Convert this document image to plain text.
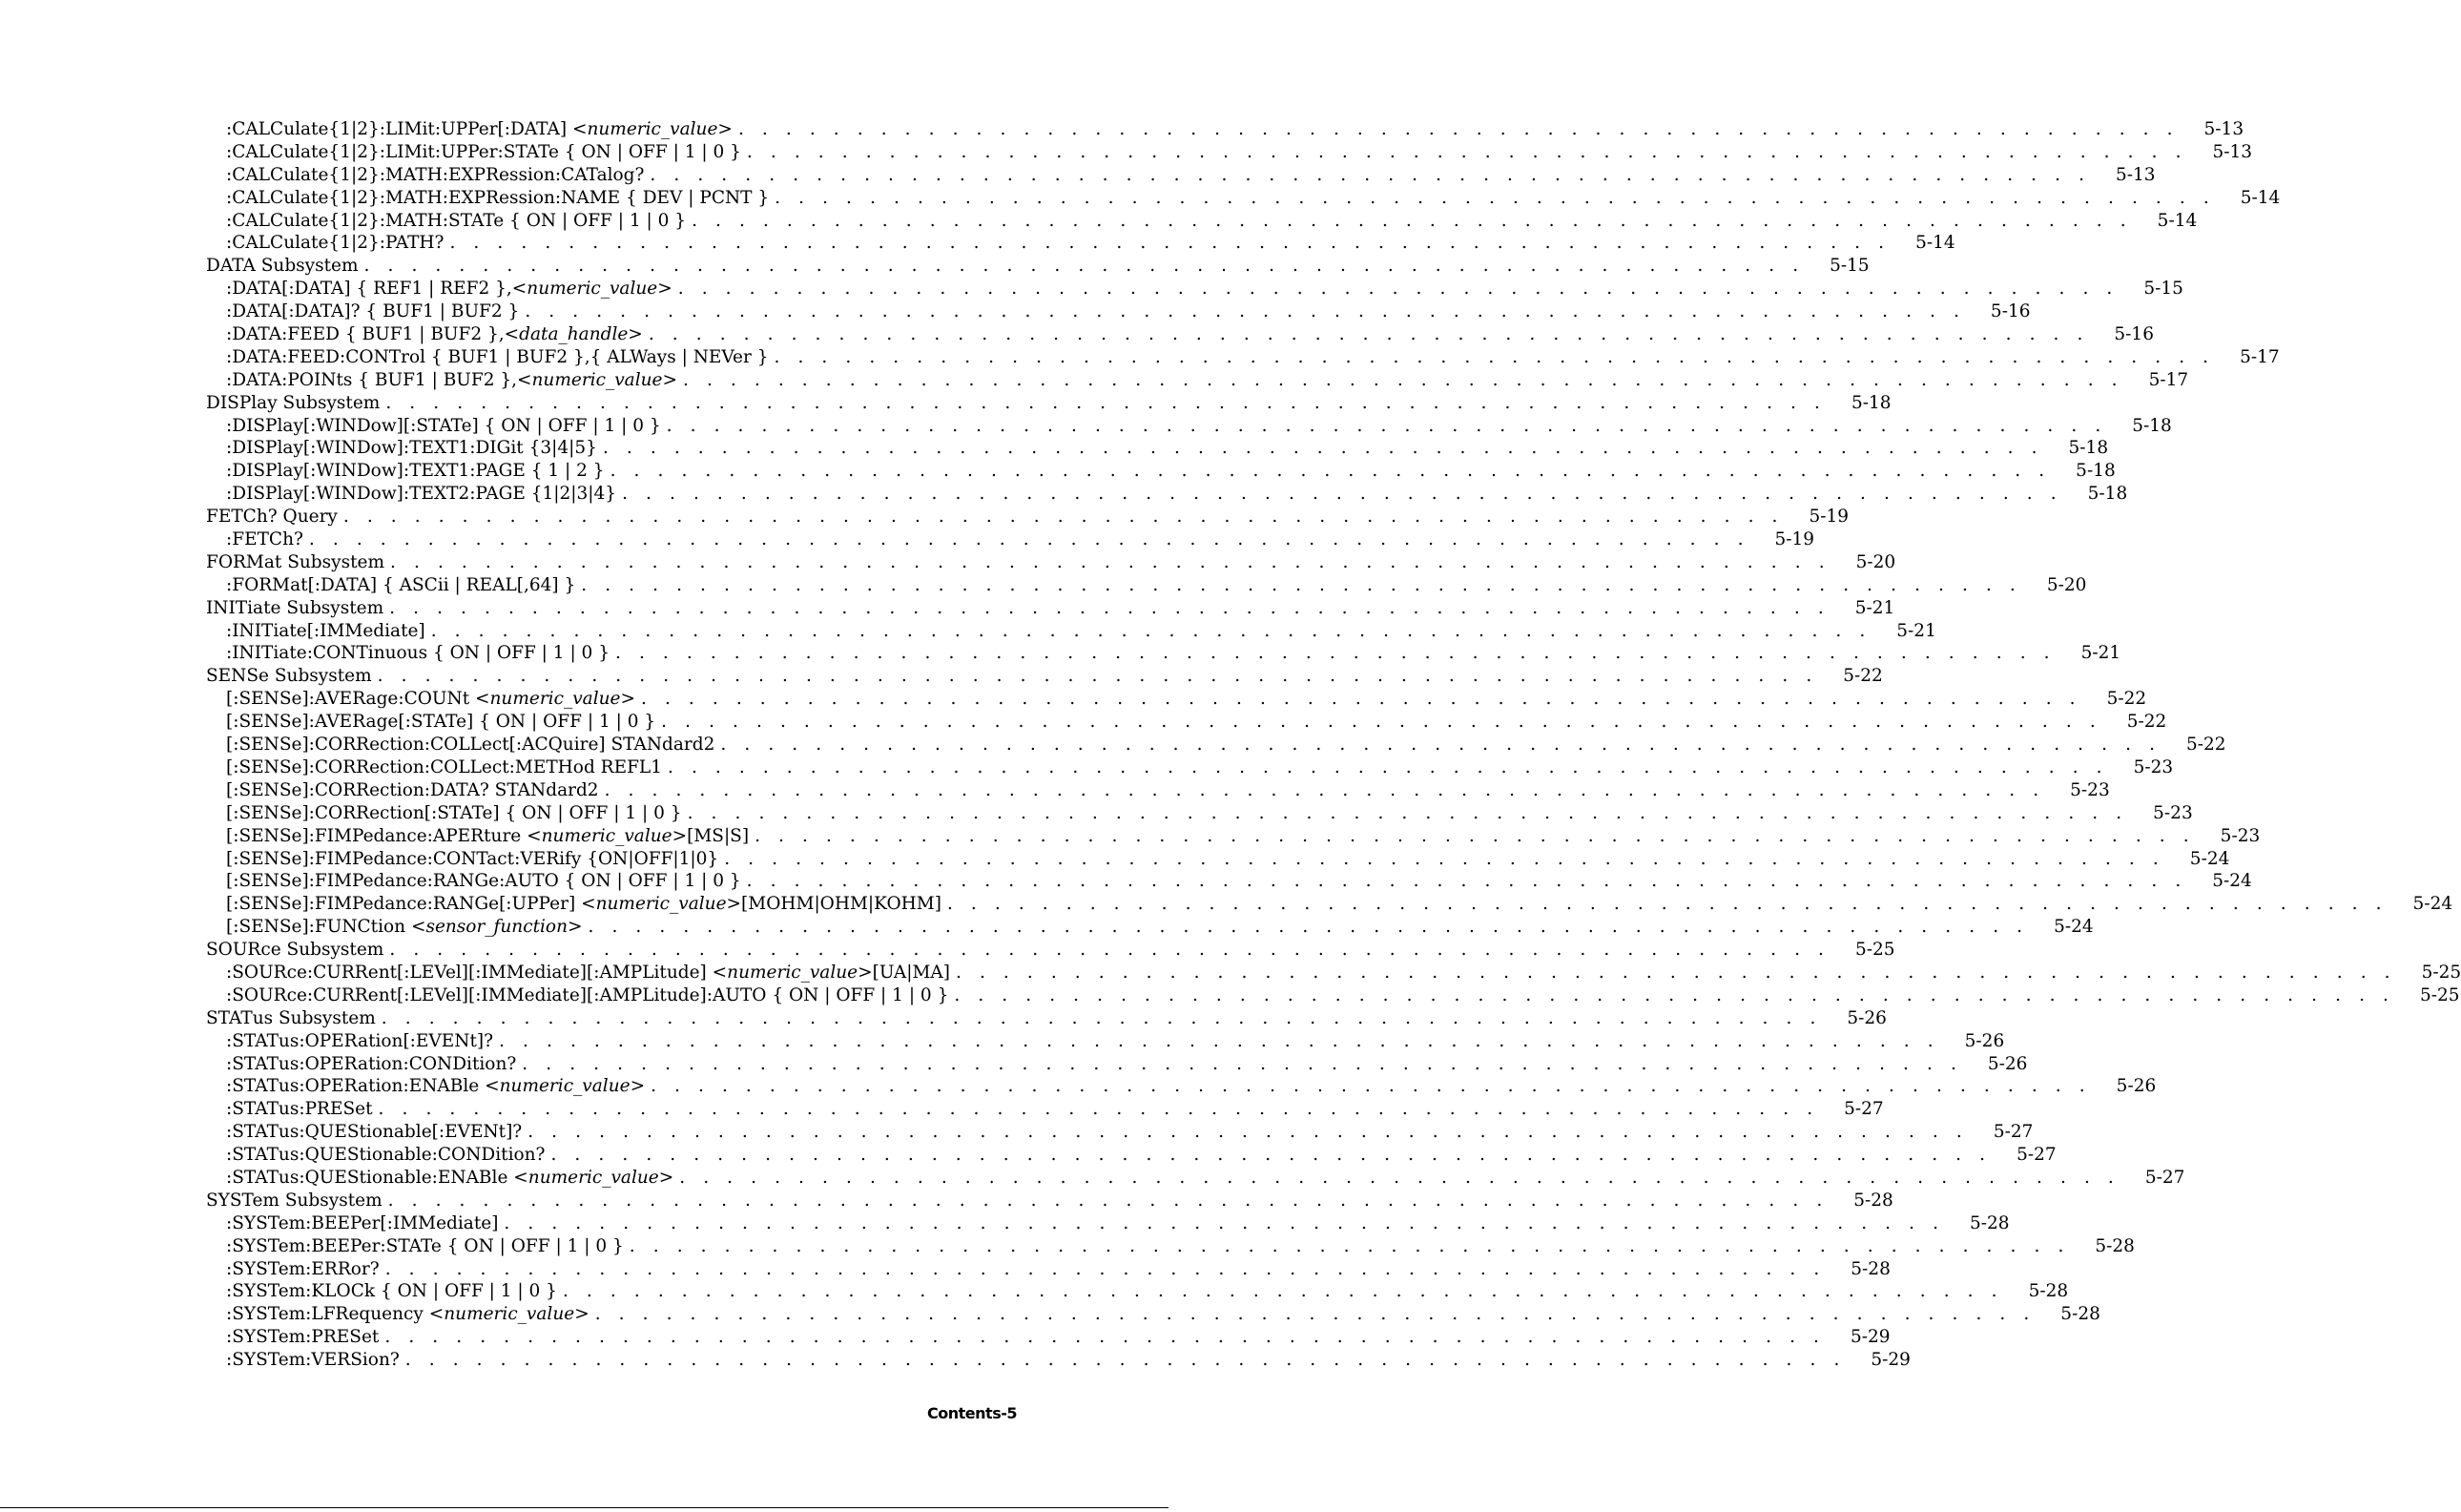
:CALCulate{1|2}:LIMit:UPPer[:DATA] <numeric_value> . . . . . . . . . . . . . . . . . . . . . . . . . . . . . . . . . . . . . . . . . . . . . . . . . . . . . . . . . . . . .	5-13
:CALCulate{1|2}:LIMit:UPPer:STATe { ON | OFF | 1 | 0 } . . . . . . . . . . . . . . . . . . . . . . . . . . . . . . . . . . . . . . . . . . . . . . . . . . . . . . . . . . . . .	5-13
:CALCulate{1|2}:MATH:EXPRession:CATalog? . . . . . . . . . . . . . . . . . . . . . . . . . . . . . . . . . . . . . . . . . . . . . . . . . . . . . . . . . . . . .	5-13
:CALCulate{1|2}:MATH:EXPRession:NAME { DEV | PCNT } . . . . . . . . . . . . . . . . . . . . . . . . . . . . . . . . . . . . . . . . . . . . . . . . . . . . . . . . . . . . .	5-14
:CALCulate{1|2}:MATH:STATe { ON | OFF | 1 | 0 } . . . . . . . . . . . . . . . . . . . . . . . . . . . . . . . . . . . . . . . . . . . . . . . . . . . . . . . . . . . . .	5-14
:CALCulate{1|2}:PATH? . . . . . . . . . . . . . . . . . . . . . . . . . . . . . . . . . . . . . . . . . . . . . . . . . . . . . . . . . . . . .	5-14
DATA Subsystem . . . . . . . . . . . . . . . . . . . . . . . . . . . . . . . . . . . . . . . . . . . . . . . . . . . . . . . . . . . . .	5-15
:DATA[:DATA] { REF1 | REF2 },<numeric_value> . . . . . . . . . . . . . . . . . . . . . . . . . . . . . . . . . . . . . . . . . . . . . . . . . . . . . . . . . . . . .	5-15
:DATA[:DATA]? { BUF1 | BUF2 } . . . . . . . . . . . . . . . . . . . . . . . . . . . . . . . . . . . . . . . . . . . . . . . . . . . . . . . . . . . . .	5-16
:DATA:FEED { BUF1 | BUF2 },<data_handle> . . . . . . . . . . . . . . . . . . . . . . . . . . . . . . . . . . . . . . . . . . . . . . . . . . . . . . . . . . . . .	5-16
:DATA:FEED:CONTrol { BUF1 | BUF2 },{ ALWays | NEVer } . . . . . . . . . . . . . . . . . . . . . . . . . . . . . . . . . . . . . . . . . . . . . . . . . . . . . . . . . . . . .	5-17
:DATA:POINts { BUF1 | BUF2 },<numeric_value> . . . . . . . . . . . . . . . . . . . . . . . . . . . . . . . . . . . . . . . . . . . . . . . . . . . . . . . . . . . . .	5-17
DISPlay Subsystem . . . . . . . . . . . . . . . . . . . . . . . . . . . . . . . . . . . . . . . . . . . . . . . . . . . . . . . . . . . . .	5-18
:DISPlay[:WINDow][:STATe] { ON | OFF | 1 | 0 } . . . . . . . . . . . . . . . . . . . . . . . . . . . . . . . . . . . . . . . . . . . . . . . . . . . . . . . . . . . . .	5-18
:DISPlay[:WINDow]:TEXT1:DIGit {3|4|5} . . . . . . . . . . . . . . . . . . . . . . . . . . . . . . . . . . . . . . . . . . . . . . . . . . . . . . . . . . . . .	5-18
:DISPlay[:WINDow]:TEXT1:PAGE { 1 | 2 } . . . . . . . . . . . . . . . . . . . . . . . . . . . . . . . . . . . . . . . . . . . . . . . . . . . . . . . . . . . . .	5-18
:DISPlay[:WINDow]:TEXT2:PAGE {1|2|3|4} . . . . . . . . . . . . . . . . . . . . . . . . . . . . . . . . . . . . . . . . . . . . . . . . . . . . . . . . . . . . .	5-18
FETCh? Query . . . . . . . . . . . . . . . . . . . . . . . . . . . . . . . . . . . . . . . . . . . . . . . . . . . . . . . . . . . . .	5-19
:FETCh? . . . . . . . . . . . . . . . . . . . . . . . . . . . . . . . . . . . . . . . . . . . . . . . . . . . . . . . . . . . . .	5-19
FORMat Subsystem . . . . . . . . . . . . . . . . . . . . . . . . . . . . . . . . . . . . . . . . . . . . . . . . . . . . . . . . . . . . .	5-20
:FORMat[:DATA] { ASCii | REAL[,64] } . . . . . . . . . . . . . . . . . . . . . . . . . . . . . . . . . . . . . . . . . . . . . . . . . . . . . . . . . . . . .	5-20
INITiate Subsystem . . . . . . . . . . . . . . . . . . . . . . . . . . . . . . . . . . . . . . . . . . . . . . . . . . . . . . . . . . . . .	5-21
:INITiate[:IMMediate] . . . . . . . . . . . . . . . . . . . . . . . . . . . . . . . . . . . . . . . . . . . . . . . . . . . . . . . . . . . . .	5-21
:INITiate:CONTinuous { ON | OFF | 1 | 0 } . . . . . . . . . . . . . . . . . . . . . . . . . . . . . . . . . . . . . . . . . . . . . . . . . . . . . . . . . . . . .	5-21
SENSe Subsystem . . . . . . . . . . . . . . . . . . . . . . . . . . . . . . . . . . . . . . . . . . . . . . . . . . . . . . . . . . . . .	5-22
[:SENSe]:AVERage:COUNt <numeric_value> . . . . . . . . . . . . . . . . . . . . . . . . . . . . . . . . . . . . . . . . . . . . . . . . . . . . . . . . . . . . .	5-22
[:SENSe]:AVERage[:STATe] { ON | OFF | 1 | 0 } . . . . . . . . . . . . . . . . . . . . . . . . . . . . . . . . . . . . . . . . . . . . . . . . . . . . . . . . . . . . .	5-22
[:SENSe]:CORRection:COLLect[:ACQuire] STANdard2 . . . . . . . . . . . . . . . . . . . . . . . . . . . . . . . . . . . . . . . . . . . . . . . . . . . . . . . . . . . . .	5-22
[:SENSe]:CORRection:COLLect:METHod REFL1 . . . . . . . . . . . . . . . . . . . . . . . . . . . . . . . . . . . . . . . . . . . . . . . . . . . . . . . . . . . . .	5-23
[:SENSe]:CORRection:DATA? STANdard2 . . . . . . . . . . . . . . . . . . . . . . . . . . . . . . . . . . . . . . . . . . . . . . . . . . . . . . . . . . . . .	5-23
[:SENSe]:CORRection[:STATe] { ON | OFF | 1 | 0 } . . . . . . . . . . . . . . . . . . . . . . . . . . . . . . . . . . . . . . . . . . . . . . . . . . . . . . . . . . . . .	5-23
[:SENSe]:FIMPedance:APERture <numeric_value>[MS|S] . . . . . . . . . . . . . . . . . . . . . . . . . . . . . . . . . . . . . . . . . . . . . . . . . . . . . . . . . . . . .	5-23
[:SENSe]:FIMPedance:CONTact:VERify {ON|OFF|1|0} . . . . . . . . . . . . . . . . . . . . . . . . . . . . . . . . . . . . . . . . . . . . . . . . . . . . . . . . . . . . .	5-24
[:SENSe]:FIMPedance:RANGe:AUTO { ON | OFF | 1 | 0 } . . . . . . . . . . . . . . . . . . . . . . . . . . . . . . . . . . . . . . . . . . . . . . . . . . . . . . . . . . . . .	5-24
[:SENSe]:FIMPedance:RANGe[:UPPer] <numeric_value>[MOHM|OHM|KOHM] . . . . . . . . . . . . . . . . . . . . . . . . . . . . . . . . . . . . . . . . . . . . . . . . . . . . . . . . . . . . .	5-24
[:SENSe]:FUNCtion <sensor_function> . . . . . . . . . . . . . . . . . . . . . . . . . . . . . . . . . . . . . . . . . . . . . . . . . . . . . . . . . . . . .	5-24
SOURce Subsystem . . . . . . . . . . . . . . . . . . . . . . . . . . . . . . . . . . . . . . . . . . . . . . . . . . . . . . . . . . . . .	5-25
:SOURce:CURRent[:LEVel][:IMMediate][:AMPLitude] <numeric_value>[UA|MA] . . . . . . . . . . . . . . . . . . . . . . . . . . . . . . . . . . . . . . . . . . . . . . . . . . . . . . . . . . . . .	5-25
:SOURce:CURRent[:LEVel][:IMMediate][:AMPLitude]:AUTO { ON | OFF | 1 | 0 } . . . . . . . . . . . . . . . . . . . . . . . . . . . . . . . . . . . . . . . . . . . . . . . . . . . . . . . . . . . . .	5-25
STATus Subsystem . . . . . . . . . . . . . . . . . . . . . . . . . . . . . . . . . . . . . . . . . . . . . . . . . . . . . . . . . . . . .	5-26
:STATus:OPERation[:EVENt]? . . . . . . . . . . . . . . . . . . . . . . . . . . . . . . . . . . . . . . . . . . . . . . . . . . . . . . . . . . . . .	5-26
:STATus:OPERation:CONDition? . . . . . . . . . . . . . . . . . . . . . . . . . . . . . . . . . . . . . . . . . . . . . . . . . . . . . . . . . . . . .	5-26
:STATus:OPERation:ENABle <numeric_value> . . . . . . . . . . . . . . . . . . . . . . . . . . . . . . . . . . . . . . . . . . . . . . . . . . . . . . . . . . . . .	5-26
:STATus:PRESet . . . . . . . . . . . . . . . . . . . . . . . . . . . . . . . . . . . . . . . . . . . . . . . . . . . . . . . . . . . . .	5-27
:STATus:QUEStionable[:EVENt]? . . . . . . . . . . . . . . . . . . . . . . . . . . . . . . . . . . . . . . . . . . . . . . . . . . . . . . . . . . . . .	5-27
:STATus:QUEStionable:CONDition? . . . . . . . . . . . . . . . . . . . . . . . . . . . . . . . . . . . . . . . . . . . . . . . . . . . . . . . . . . . . .	5-27
:STATus:QUEStionable:ENABle <numeric_value> . . . . . . . . . . . . . . . . . . . . . . . . . . . . . . . . . . . . . . . . . . . . . . . . . . . . . . . . . . . . .	5-27
SYSTem Subsystem . . . . . . . . . . . . . . . . . . . . . . . . . . . . . . . . . . . . . . . . . . . . . . . . . . . . . . . . . . . . .	5-28
:SYSTem:BEEPer[:IMMediate] . . . . . . . . . . . . . . . . . . . . . . . . . . . . . . . . . . . . . . . . . . . . . . . . . . . . . . . . . . . . .	5-28
:SYSTem:BEEPer:STATe { ON | OFF | 1 | 0 } . . . . . . . . . . . . . . . . . . . . . . . . . . . . . . . . . . . . . . . . . . . . . . . . . . . . . . . . . . . . .	5-28
:SYSTem:ERRor? . . . . . . . . . . . . . . . . . . . . . . . . . . . . . . . . . . . . . . . . . . . . . . . . . . . . . . . . . . . . .	5-28
:SYSTem:KLOCk { ON | OFF | 1 | 0 } . . . . . . . . . . . . . . . . . . . . . . . . . . . . . . . . . . . . . . . . . . . . . . . . . . . . . . . . . . . . .	5-28
:SYSTem:LFRequency <numeric_value> . . . . . . . . . . . . . . . . . . . . . . . . . . . . . . . . . . . . . . . . . . . . . . . . . . . . . . . . . . . . .	5-28
:SYSTem:PRESet . . . . . . . . . . . . . . . . . . . . . . . . . . . . . . . . . . . . . . . . . . . . . . . . . . . . . . . . . . . . .	5-29
:SYSTem:VERSion? . . . . . . . . . . . . . . . . . . . . . . . . . . . . . . . . . . . . . . . . . . . . . . . . . . . . . . . . . . . . .	5-29
Contents-5
